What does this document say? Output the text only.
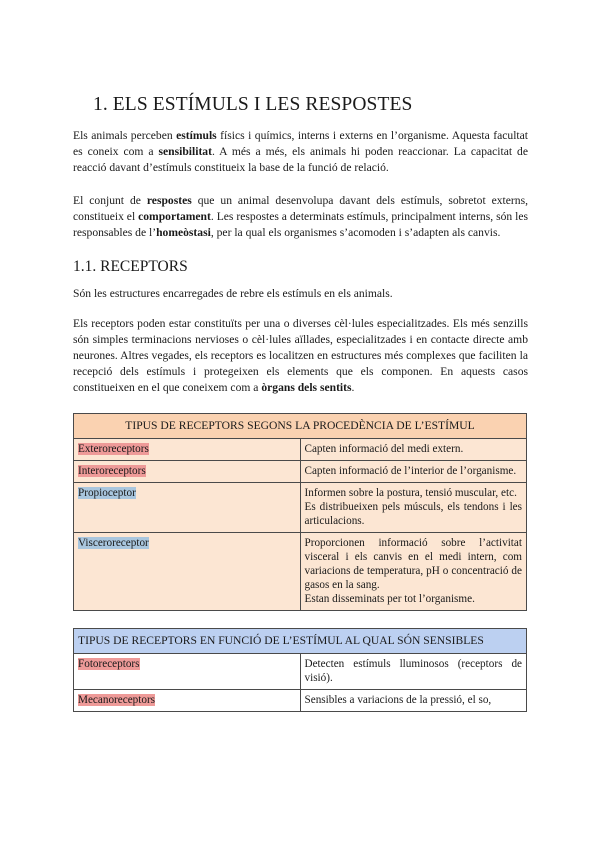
1. ELS ESTÍMULS I LES RESPOSTES

Els animals perceben estímuls físics i químics, interns i externs en l’organisme. Aquesta facultat es coneix com a sensibilitat. A més a més, els animals hi poden reaccionar. La capacitat de reacció davant d’estímuls constitueix la base de la funció de relació.

El conjunt de respostes que un animal desenvolupa davant dels estímuls, sobretot externs, constitueix el comportament. Les respostes a determinats estímuls, principalment interns, són les responsables de l’homeòstasi, per la qual els organismes s’acomoden i s’adapten als canvis.

1.1. RECEPTORS

Són les estructures encarregades de rebre els estímuls en els animals.

Els receptors poden estar constituïts per una o diverses cèl·lules especialitzades. Els més senzills són simples terminacions nervioses o cèl·lules aïllades, especialitzades i en contacte directe amb neurones. Altres vegades, els receptors es localitzen en estructures més complexes que faciliten la recepció dels estímuls i protegeixen els elements que els componen. En aquests casos constitueixen en el que coneixem com a òrgans dels sentits.

TIPUS DE RECEPTORS SEGONS LA PROCEDÈNCIA DE L’ESTÍMUL	
Exteroreceptors	Capten informació del medi extern.
Interoreceptors	Capten informació de l’interior de l’organisme.
Propioceptor	Informen sobre la postura, tensió muscular, etc.
Es distribueixen pels músculs, els tendons i les articulacions.

Visceroreceptor	Proporcionen informació sobre l’activitat visceral i els canvis en el medi intern, com variacions de temperatura, pH o concentració de gasos en la sang.
Estan disseminats per tot l’organisme.
TIPUS DE RECEPTORS EN FUNCIÓ DE L’ESTÍMUL AL QUAL SÓN SENSIBLES	
Fotoreceptors	Detecten estímuls lluminosos (receptors de visió).
Mecanoreceptors	Sensibles a variacions de la pressió, el so,
